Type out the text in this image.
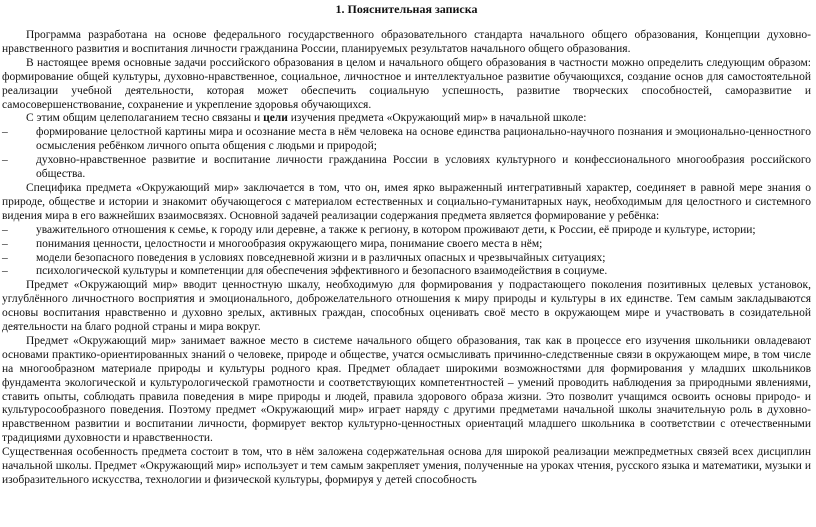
1. Пояснительная записка

Программа разработана на основе федерального государственного образовательного стандарта начального общего образования, Концепции духовно-нравственного развития и воспитания личности гражданина России, планируемых результатов начального общего образования.

В настоящее время основные задачи российского образования в целом и начального общего образования в частности можно определить следующим образом: формирование общей культуры, духовно-нравственное, социальное, личностное и интеллектуальное развитие обучающихся, создание основ для самостоятельной реализации учебной деятельности, которая может обеспечить социальную успешность, развитие творческих способностей, саморазвитие и самосовершенствование, сохранение и укрепление здоровья обучающихся.

С этим общим целеполаганием тесно связаны и цели изучения предмета «Окружающий мир» в начальной школе:

– формирование целостной картины мира и осознание места в нём человека на основе единства рационально-научного познания и эмоционально-ценностного осмысления ребёнком личного опыта общения с людьми и природой;
– духовно-нравственное развитие и воспитание личности гражданина России в условиях культурного и конфессионального многообразия российского общества.

Специфика предмета «Окружающий мир» заключается в том, что он, имея ярко выраженный интегративный характер, соединяет в равной мере знания о природе, обществе и истории и знакомит обучающегося с материалом естественных и социально-гуманитарных наук, необходимым для целостного и системного видения мира в его важнейших взаимосвязях. Основной задачей реализации содержания предмета является формирование у ребёнка:

– уважительного отношения к семье, к городу или деревне, а также к региону, в котором проживают дети, к России, её природе и культуре, истории;
– понимания ценности, целостности и многообразия окружающего мира, понимание своего места в нём;
– модели безопасного поведения в условиях повседневной жизни и в различных опасных и чрезвычайных ситуациях;
– психологической культуры и компетенции для обеспечения эффективного и безопасного взаимодействия в социуме.

Предмет «Окружающий мир» вводит ценностную шкалу, необходимую для формирования у подрастающего поколения позитивных целевых установок, углублённого личностного восприятия и эмоционального, доброжелательного отношения к миру природы и культуры в их единстве. Тем самым закладываются основы воспитания нравственно и духовно зрелых, активных граждан, способных оценивать своё место в окружающем мире и участвовать в созидательной деятельности на благо родной страны и мира вокруг.

Предмет «Окружающий мир» занимает важное место в системе начального общего образования, так как в процессе его изучения школьники овладевают основами практико-ориентированных знаний о человеке, природе и обществе, учатся осмысливать причинно-следственные связи в окружающем мире, в том числе на многообразном материале природы и культуры родного края. Предмет обладает широкими возможностями для формирования у младших школьников фундамента экологической и культурологической грамотности и соответствующих компетентностей – умений проводить наблюдения за природными явлениями, ставить опыты, соблюдать правила поведения в мире природы и людей, правила здорового образа жизни. Это позволит учащимся освоить основы природо- и культуросообразного поведения. Поэтому предмет «Окружающий мир» играет наряду с другими предметами начальной школы значительную роль в духовно-нравственном развитии и воспитании личности, формирует вектор культурно-ценностных ориентаций младшего школьника в соответствии с отечественными традициями духовности и нравственности.

Существенная особенность предмета состоит в том, что в нём заложена содержательная основа для широкой реализации межпредметных связей всех дисциплин начальной школы. Предмет «Окружающий мир» использует и тем самым закрепляет умения, полученные на уроках чтения, русского языка и математики, музыки и изобразительного искусства, технологии и физической культуры, формируя у детей способность
